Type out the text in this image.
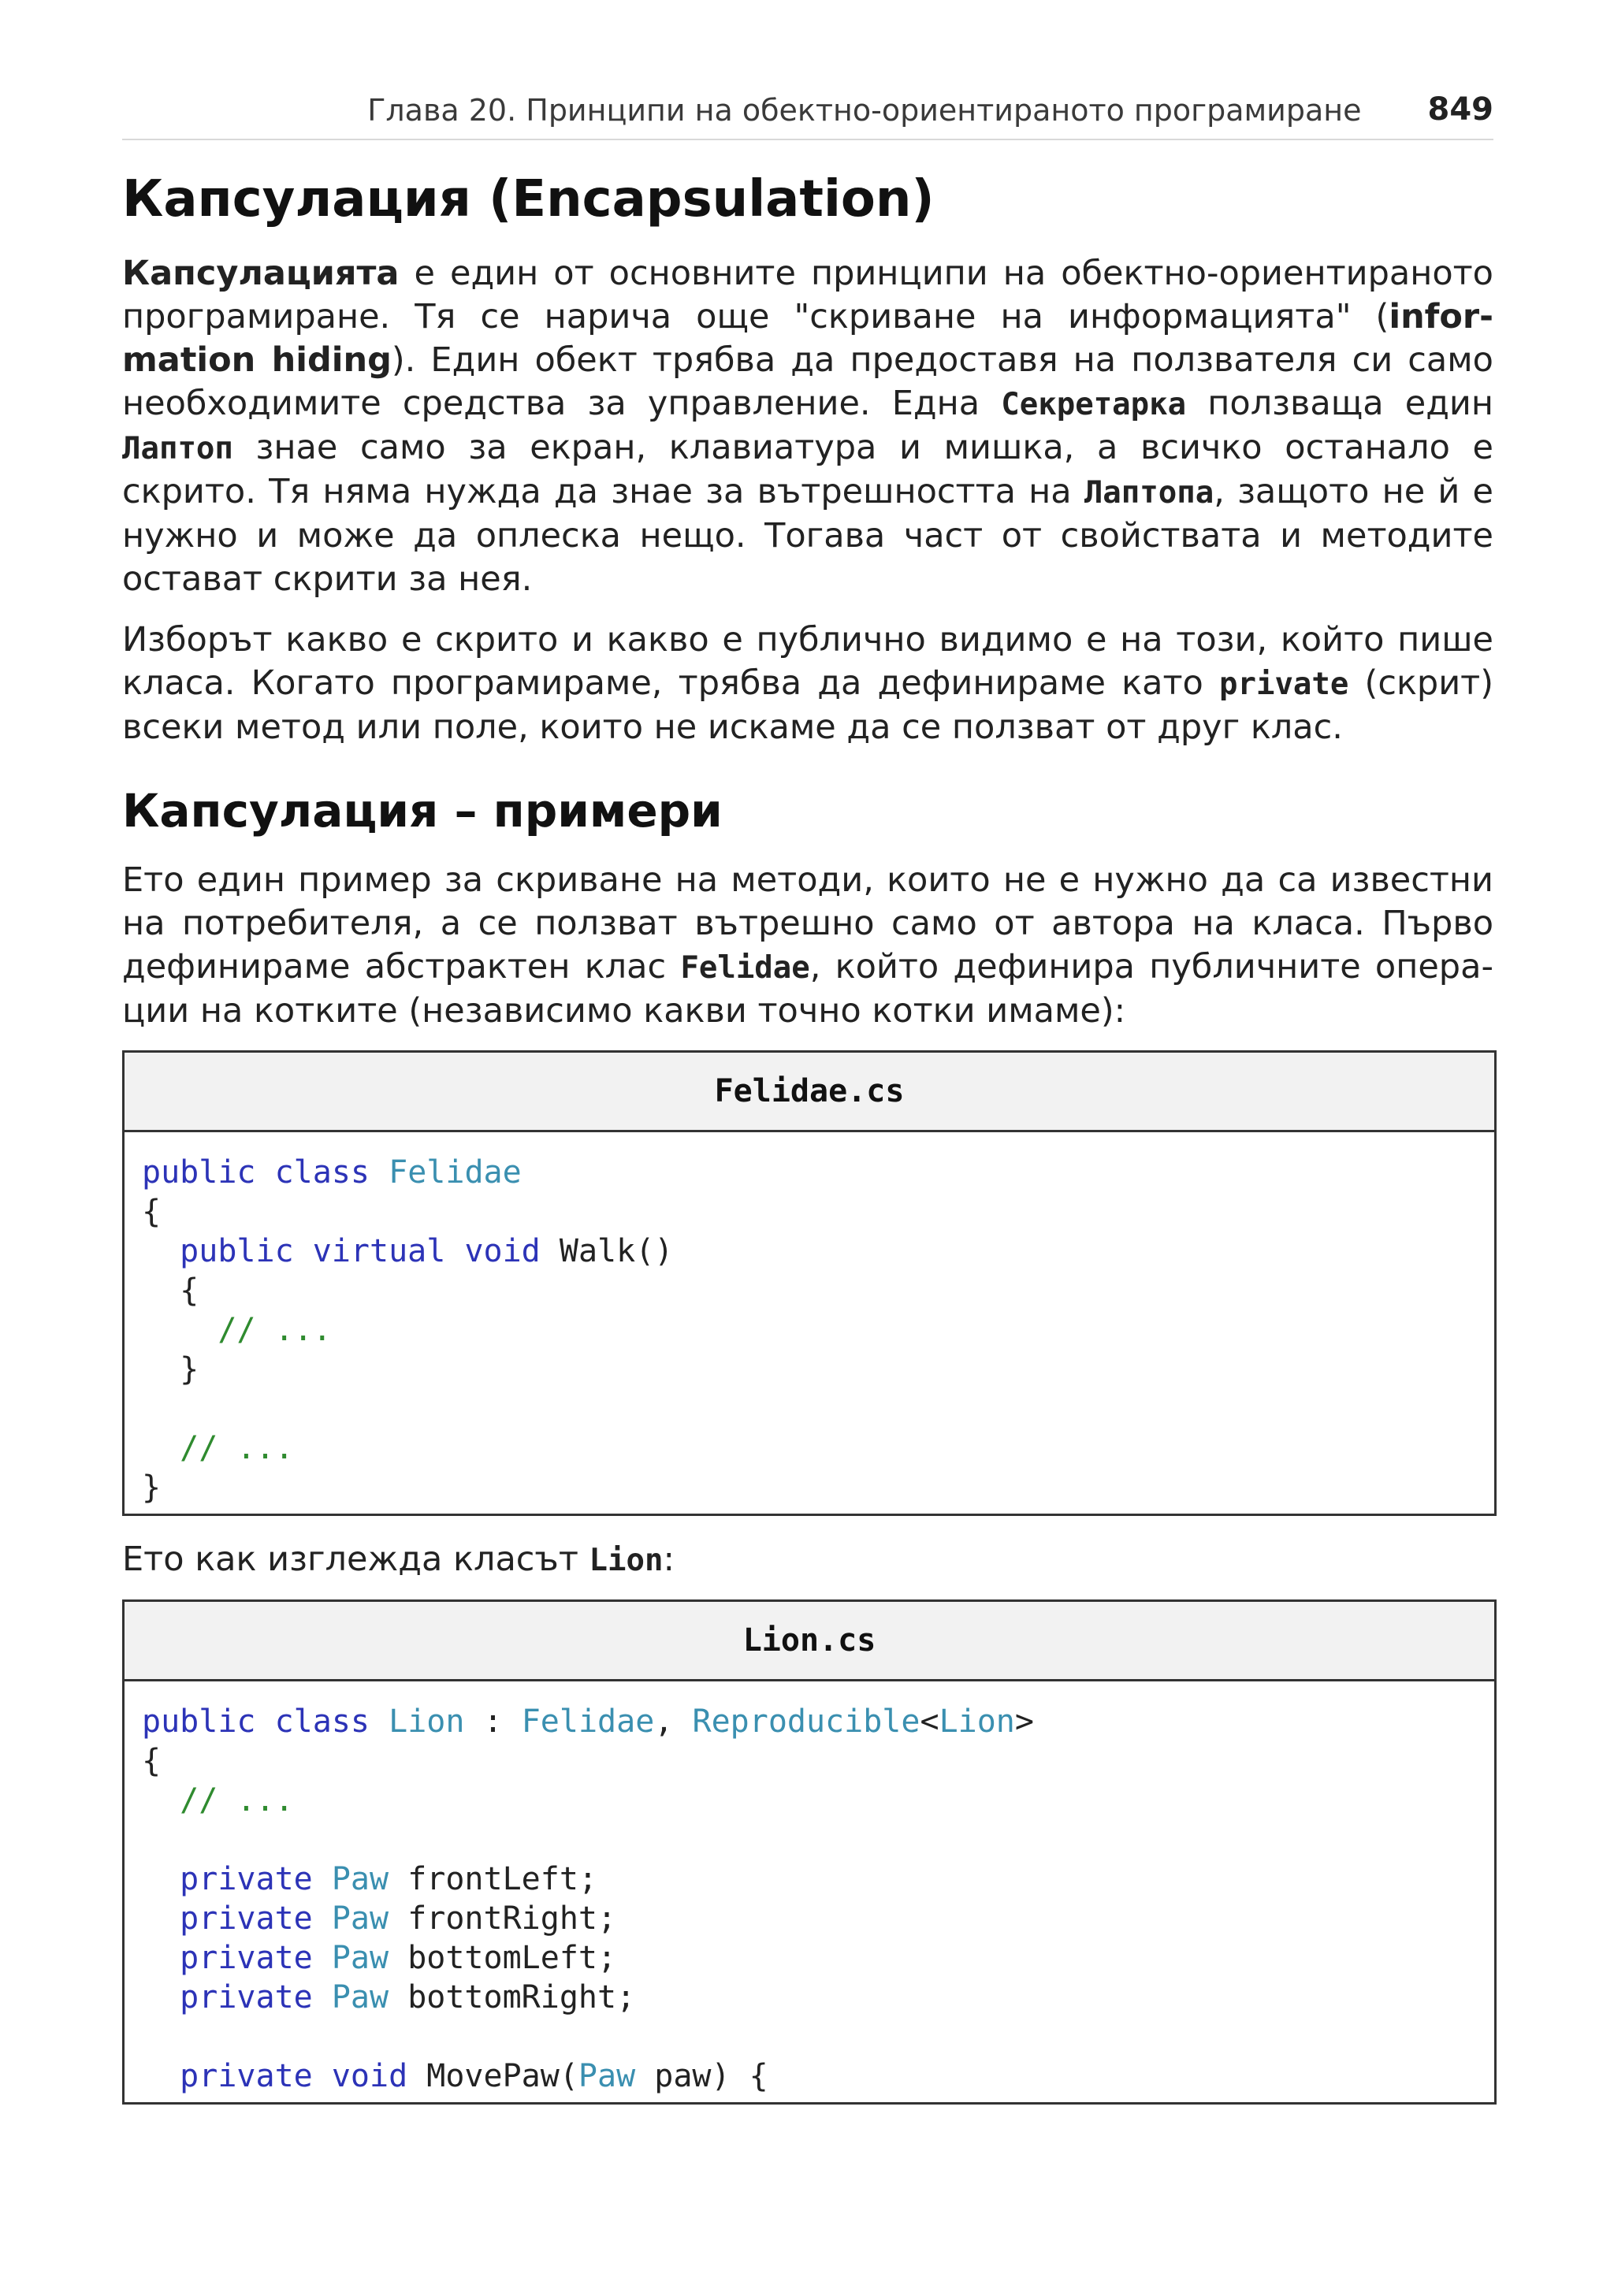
Глава 20. Принципи на обектно-ориентираното програмиране 849
Капсулация (Encapsulation)

Капсулацията е един от основните принципи на обектно-ориентираното програмиране. Тя се нарича още "скриване на информацията" (information hiding). Един обект трябва да предоставя на ползвателя си само необходимите средства за управление. Една Секретарка ползваща един Лаптоп знае само за екран, клавиатура и мишка, а всичко останало е скрито. Тя няма нужда да знае за вътрешността на Лаптопа, защото не й е нужно и може да оплеска нещо. Тогава част от свойствата и методите остават скрити за нея.

Изборът какво е скрито и какво е публично видимо е на този, който пише класа. Когато програмираме, трябва да дефинираме като private (скрит) всеки метод или поле, които не искаме да се ползват от друг клас.

Капсулация – примери

Ето един пример за скриване на методи, които не е нужно да са известни на потребителя, а се ползват вътрешно само от автора на класа. Първо дефинираме абстрактен клас Felidae, който дефинира публичните операции на котките (независимо какви точно котки имаме):

Felidae.cs
public class Felidae
{
public virtual void Walk()
{
// ...
}

// ...
}

Ето как изглежда класът Lion:

Lion.cs
public class Lion : Felidae, Reproducible<Lion>
{
// ...

private Paw frontLeft;
private Paw frontRight;
private Paw bottomLeft;
private Paw bottomRight;

private void MovePaw(Paw paw) {
